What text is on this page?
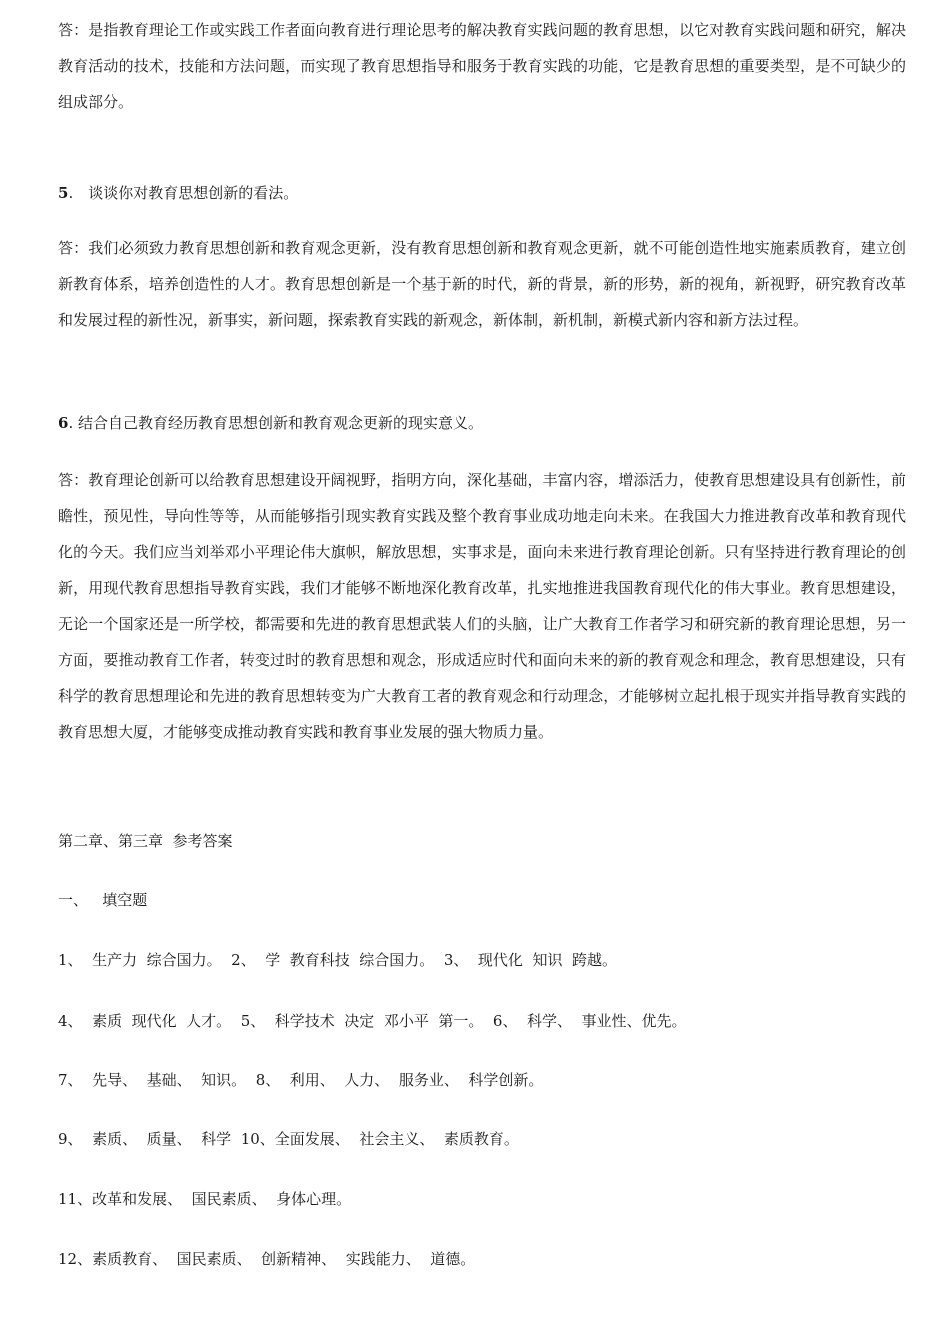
答：是指教育理论工作或实践工作者面向教育进行理论思考的解决教育实践问题的教育思想，以它对教育实践问题和研究，解决教育活动的技术，技能和方法问题，而实现了教育思想指导和服务于教育实践的功能，它是教育思想的重要类型，是不可缺少的组成部分。

5.　谈谈你对教育思想创新的看法。

答：我们必须致力教育思想创新和教育观念更新，没有教育思想创新和教育观念更新，就不可能创造性地实施素质教育，建立创新教育体系，培养创造性的人才。教育思想创新是一个基于新的时代，新的背景，新的形势，新的视角，新视野，研究教育改革和发展过程的新性况，新事实，新问题，探索教育实践的新观念，新体制，新机制，新模式新内容和新方法过程。

6. 结合自己教育经历教育思想创新和教育观念更新的现实意义。

答：教育理论创新可以给教育思想建设开阔视野，指明方向，深化基础，丰富内容，增添活力，使教育思想建设具有创新性，前瞻性，预见性，导向性等等，从而能够指引现实教育实践及整个教育事业成功地走向未来。在我国大力推进教育改革和教育现代化的今天。我们应当刘举邓小平理论伟大旗帜，解放思想，实事求是，面向未来进行教育理论创新。只有坚持进行教育理论的创新，用现代教育思想指导教育实践，我们才能够不断地深化教育改革，扎实地推进我国教育现代化的伟大事业。教育思想建设，无论一个国家还是一所学校，都需要和先进的教育思想武装人们的头脑，让广大教育工作者学习和研究新的教育理论思想，另一方面，要推动教育工作者，转变过时的教育思想和观念，形成适应时代和面向未来的新的教育观念和理念，教育思想建设，只有科学的教育思想理论和先进的教育思想转变为广大教育工者的教育观念和行动理念，才能够树立起扎根于现实并指导教育实践的教育思想大厦，才能够变成推动教育实践和教育事业发展的强大物质力量。

第二章、第三章  参考答案

一、   填空题

1、  生产力  综合国力。  2、  学  教育科技  综合国力。  3、  现代化  知识  跨越。

4、  素质  现代化  人才。  5、  科学技术  决定  邓小平  第一。  6、  科学、  事业性、优先。

7、  先导、  基础、  知识。  8、  利用、  人力、  服务业、  科学创新。

9、  素质、  质量、  科学  10、全面发展、  社会主义、  素质教育。

11、改革和发展、  国民素质、  身体心理。

12、素质教育、  国民素质、  创新精神、  实践能力、  道德。
